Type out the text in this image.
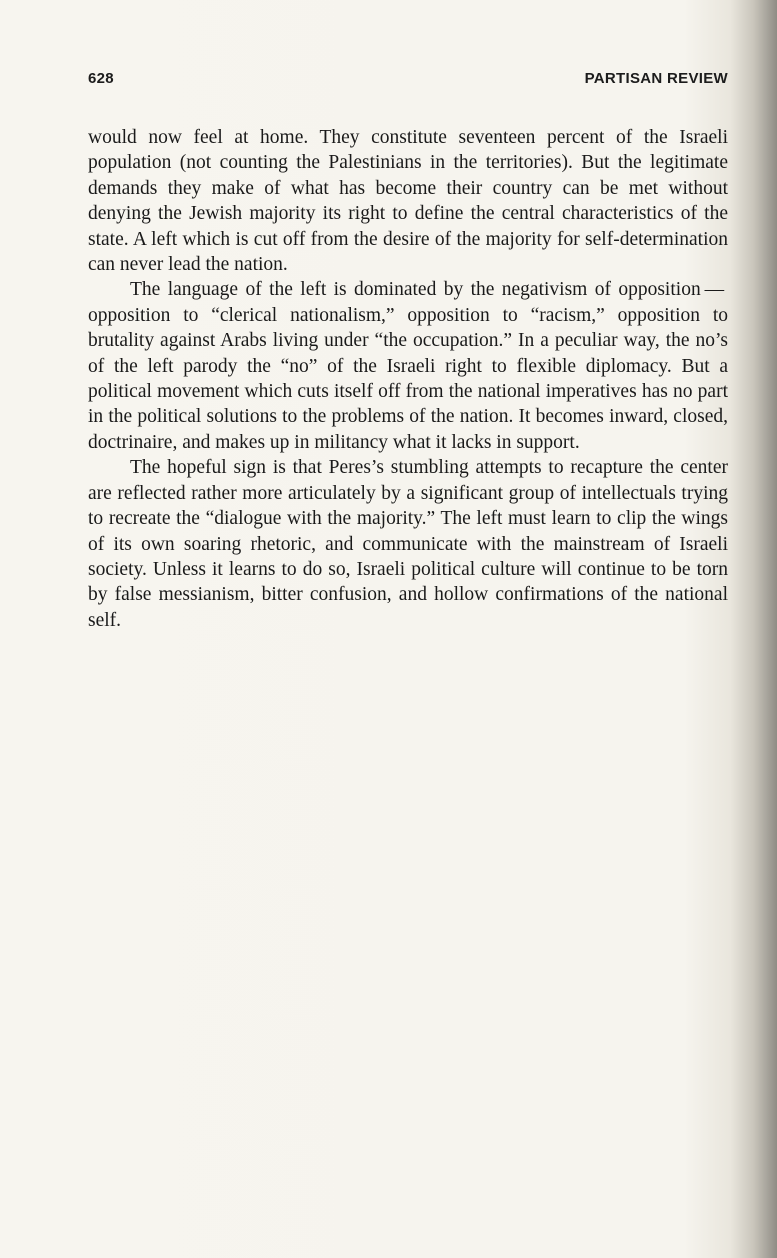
628	PARTISAN REVIEW

would now feel at home. They constitute seventeen percent of the Israeli population (not counting the Palestinians in the territories). But the legitimate demands they make of what has become their country can be met without denying the Jewish majority its right to define the central characteristics of the state. A left which is cut off from the desire of the majority for self-determination can never lead the nation.

The language of the left is dominated by the negativism of opposition — opposition to “clerical nationalism,” opposition to “racism,” opposition to brutality against Arabs living under “the occupation.” In a peculiar way, the no’s of the left parody the “no” of the Israeli right to flexible diplomacy. But a political movement which cuts itself off from the national imperatives has no part in the political solutions to the problems of the nation. It becomes inward, closed, doctrinaire, and makes up in militancy what it lacks in support.

The hopeful sign is that Peres’s stumbling attempts to recapture the center are reflected rather more articulately by a significant group of intellectuals trying to recreate the “dialogue with the majority.” The left must learn to clip the wings of its own soaring rhetoric, and communicate with the mainstream of Israeli society. Unless it learns to do so, Israeli political culture will continue to be torn by false messianism, bitter confusion, and hollow confirmations of the national self.
